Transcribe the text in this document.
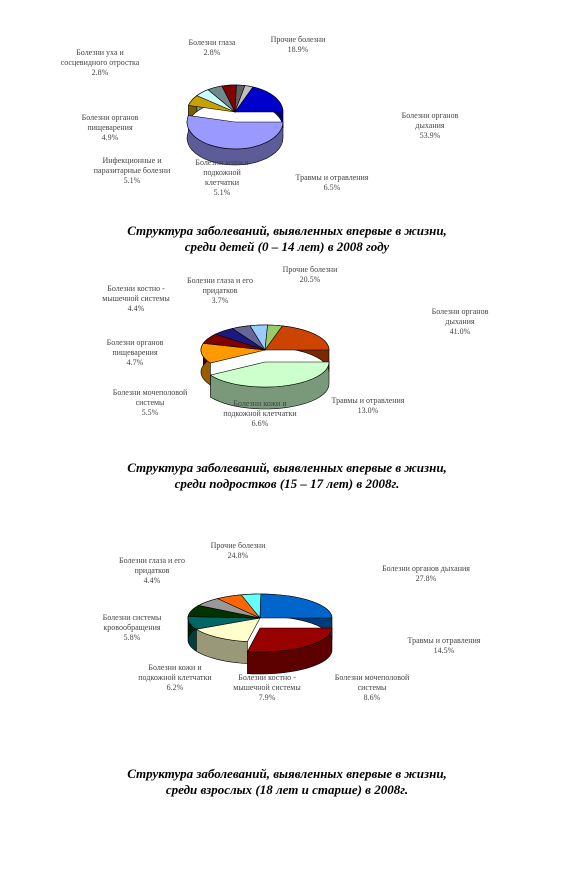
Болезни органов дыхания 53.9%
Травмы и отравления 6.5%
Болезни кожи и подкожной клетчатки 5.1%
Инфекционные и паразитарные болезни 5.1%
Болезни органов пищеварения 4.9%
Болезни уха и сосцевидного отростка 2.8%
Болезни глаза 2.8%
Прочие болезни 18.9%
Болезни органов дыхания 41.0%
Травмы и отравления 13.0%
Болезни кожи и подкожной клетчатки 6.6%
Болезни мочеполовой системы 5.5%
Болезни органов пищеварения 4.7%
Болезни костно -мышечной системы 4.4%
Болезни глаза и его придатков 3.7%
Прочие болезни 20.5%
Болезни органов дыхания 27.8%
Травмы и отравления 14.5%
Болезни мочеполовой системы 8.6%
Болезни костно -мышечной системы 7.9%
Болезни кожи и подкожной клетчатки 6.2%
Болезни системы кровообращения 5.8%
Болезни глаза и его придатков 4.4%
Прочие болезни 24.8%
Структура заболеваний, выявленных впервые в жизни,
среди детей (0 – 14 лет) в 2008 году
Структура заболеваний, выявленных впервые в жизни,
среди подростков (15 – 17 лет) в 2008г.
Структура заболеваний, выявленных впервые в жизни,
среди взрослых (18 лет и старше) в 2008г.
